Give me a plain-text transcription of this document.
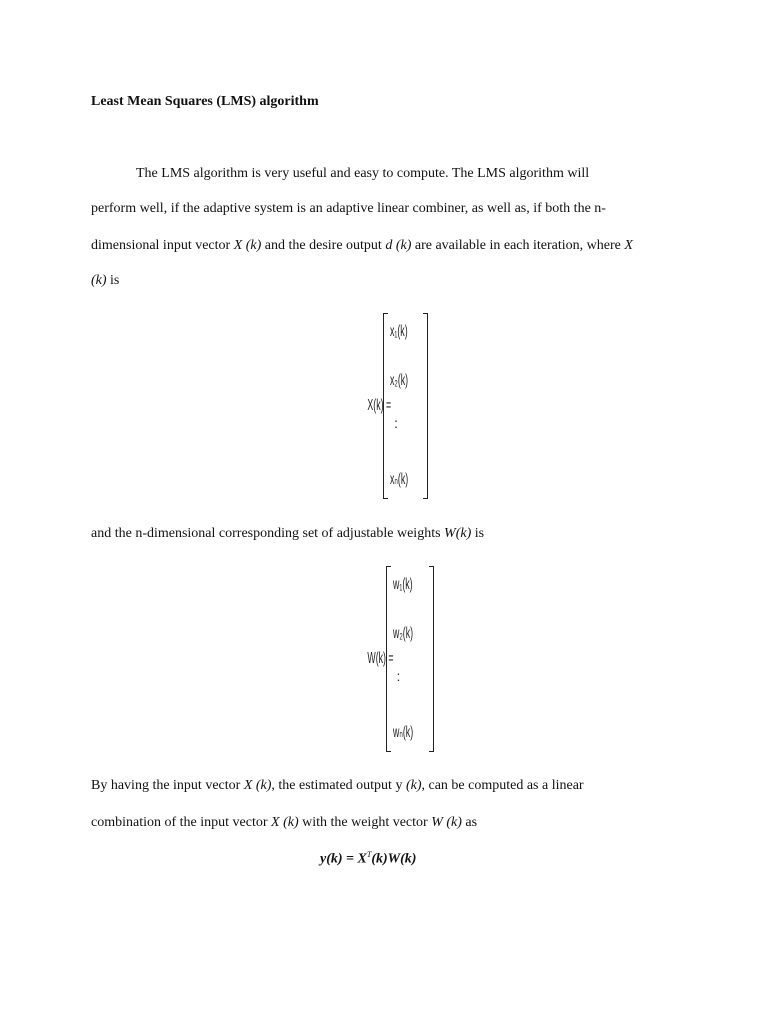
Least Mean Squares (LMS) algorithm
The LMS algorithm is very useful and easy to compute. The LMS algorithm will
perform well, if the adaptive system is an adaptive linear combiner, as well as, if both the n-
dimensional input vector X (k) and the desire output d (k) are available in each iteration, where X
(k) is
X(k) =
x₁(k)
x₂(k)
:
xₙ(k)
and the n-dimensional corresponding set of adjustable weights W(k) is
W(k) =
w₁(k)
w₂(k)
:
wₙ(k)
By having the input vector X (k), the estimated output y (k), can be computed as a linear
combination of the input vector X (k) with the weight vector W (k) as
$y(k) = X^T(k)W(k)$
